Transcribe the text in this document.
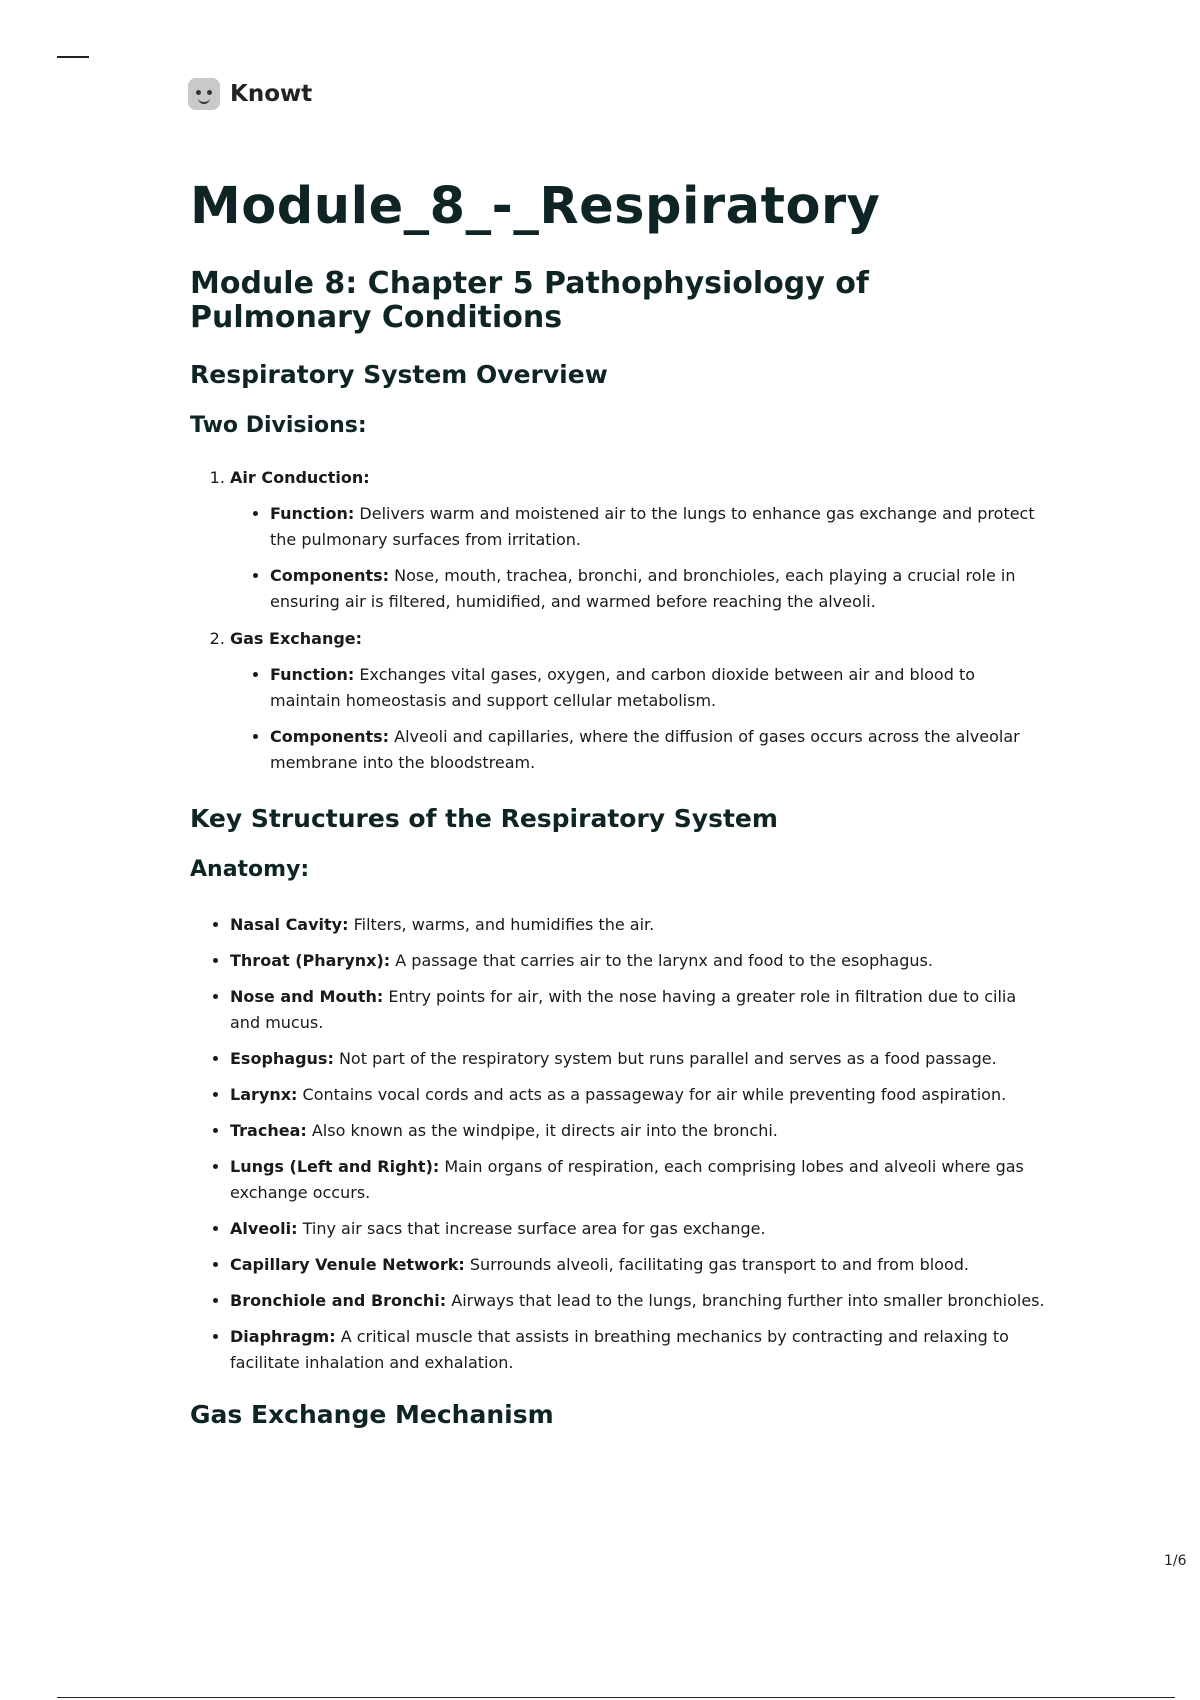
Knowt
Module_8_-_Respiratory
Module 8: Chapter 5 Pathophysiology of Pulmonary Conditions
Respiratory System Overview
Two Divisions:
1. Air Conduction:
• Function: Delivers warm and moistened air to the lungs to enhance gas exchange and protect the pulmonary surfaces from irritation.
• Components: Nose, mouth, trachea, bronchi, and bronchioles, each playing a crucial role in ensuring air is filtered, humidified, and warmed before reaching the alveoli.
2. Gas Exchange:
• Function: Exchanges vital gases, oxygen, and carbon dioxide between air and blood to maintain homeostasis and support cellular metabolism.
• Components: Alveoli and capillaries, where the diffusion of gases occurs across the alveolar membrane into the bloodstream.
Key Structures of the Respiratory System
Anatomy:
• Nasal Cavity: Filters, warms, and humidifies the air.
• Throat (Pharynx): A passage that carries air to the larynx and food to the esophagus.
• Nose and Mouth: Entry points for air, with the nose having a greater role in filtration due to cilia and mucus.
• Esophagus: Not part of the respiratory system but runs parallel and serves as a food passage.
• Larynx: Contains vocal cords and acts as a passageway for air while preventing food aspiration.
• Trachea: Also known as the windpipe, it directs air into the bronchi.
• Lungs (Left and Right): Main organs of respiration, each comprising lobes and alveoli where gas exchange occurs.
• Alveoli: Tiny air sacs that increase surface area for gas exchange.
• Capillary Venule Network: Surrounds alveoli, facilitating gas transport to and from blood.
• Bronchiole and Bronchi: Airways that lead to the lungs, branching further into smaller bronchioles.
• Diaphragm: A critical muscle that assists in breathing mechanics by contracting and relaxing to facilitate inhalation and exhalation.
Gas Exchange Mechanism
1/6
